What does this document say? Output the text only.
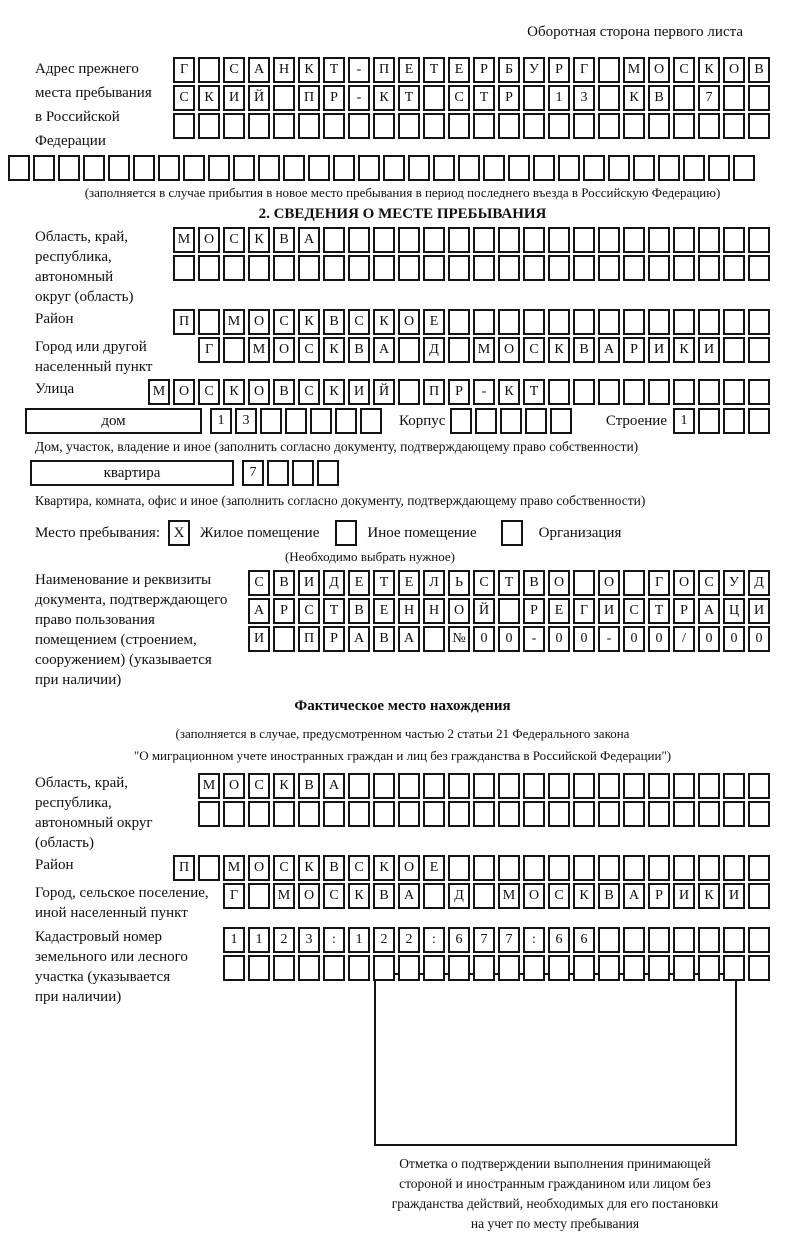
Оборотная сторона первого листа
Адрес прежнего
места пребывания
в Российской
Федерации
Г	С	А	Н	К	Т	-	П	Е	Т	Е	Р	Б	У	Р	Г	М О	С	К	О	В
С	К	И	Й	П	Р	-	К	Т	С	Т	Р	1	3	К	В	7
(заполняется в случае прибытия в новое место пребывания в период последнего въезда в Российскую Федерацию)
2. СВЕДЕНИЯ О МЕСТЕ ПРЕБЫВАНИЯ
Область, край,
республика,
автономный
округ (область)
М О	С	К	В	А
Район	П	М О	С	К	В	С	К	О	Е
Город или другой
населенный пункт
Г	М О	С	К	В	А	Д	М О	С	К	В	А	Р	И	К	И
Улица	М О	С	К	О	В	С	К	И	Й	П	Р	-	К	Т
дом	1	3	Корпус	Строение 1
Дом, участок, владение и иное (заполнить согласно документу, подтверждающему право собственности)
квартира	7
Квартира, комната, офис и иное (заполнить согласно документу, подтверждающему право собственности)
Место пребывания: X	Жилое помещение	Иное помещение	Организация
(Необходимо выбрать нужное)
Наименование и реквизиты
документа, подтверждающего
право пользования
помещением (строением,
сооружением) (указывается
при наличии)
С	В	И	Д	Е	Т	Е	Л	Ь	С	Т	В	О	О	Г	О	С	У	Д
А	Р	С	Т	В	Е	Н	Н	О	Й	Р	Е	Г	И	С	Т	Р	А	Ц	И
И	П	Р	А	В	А	№	0	0	-	0	0	-	0	0	/	0	0	0
Фактическое место нахождения
(заполняется в случае, предусмотренном частью 2 статьи 21 Федерального закона
"О миграционном учете иностранных граждан и лиц без гражданства в Российской Федерации")
Область, край,
республика,
автономный округ
(область)
М О	С	К	В	А
Район	П	М О	С	К	В	С	К	О	Е
Город, сельское поселение,
иной населенный пункт
Г	М О	С	К	В	А	Д	М О	С	К	В	А	Р	И	К	И
Кадастровый номер
земельного или лесного
участка (указывается
при наличии)
1	1	2	3	:	1	2	2	:	6	7	7	:	6	6
Отметка о подтверждении выполнения принимающей
стороной и иностранным гражданином или лицом без
гражданства действий, необходимых для его постановки
на учет по месту пребывания
